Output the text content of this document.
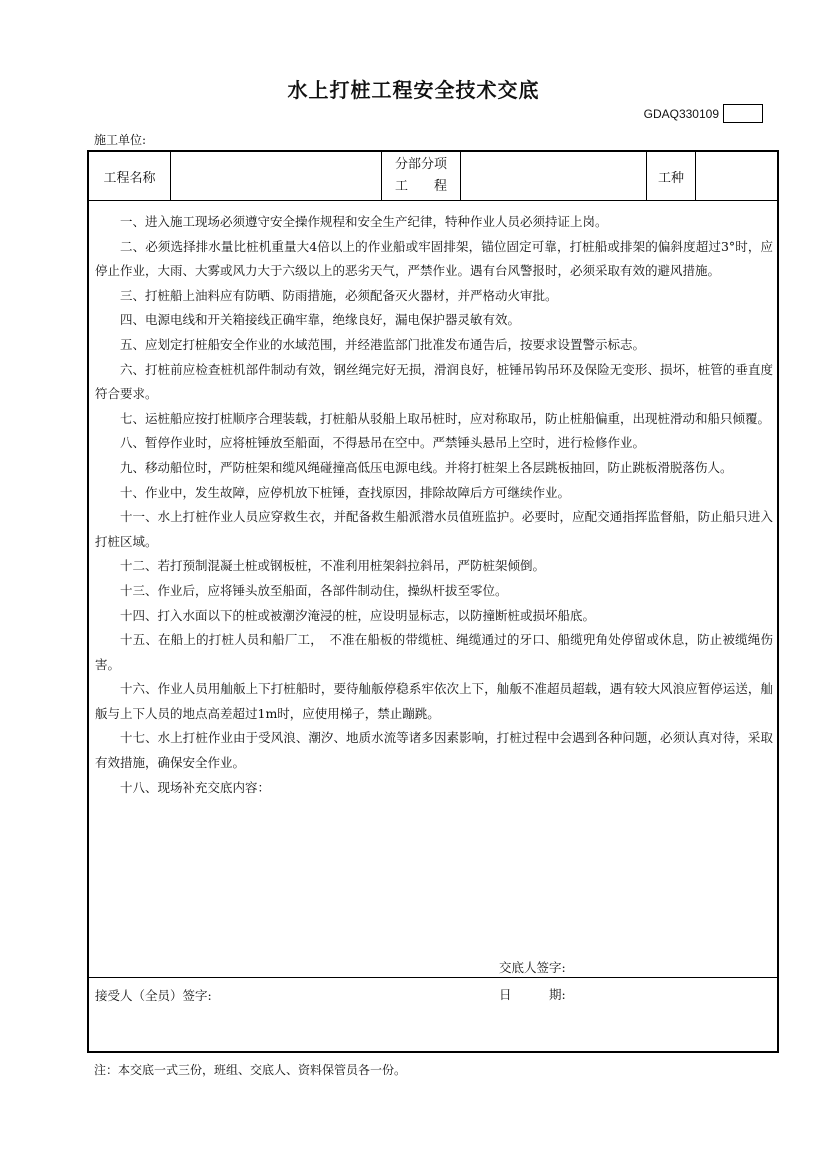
水上打桩工程安全技术交底
GDAQ330109
施工单位:
工程名称
分部分项
工　　程
工种

一、进入施工现场必须遵守安全操作规程和安全生产纪律，特种作业人员必须持证上岗。

二、必须选择排水量比桩机重量大4倍以上的作业船或牢固排架，锚位固定可靠，打桩船或排架的偏斜度超过3°时，应停止作业，大雨、大雾或风力大于六级以上的恶劣天气，严禁作业。遇有台风警报时，必须采取有效的避风措施。

三、打桩船上油料应有防晒、防雨措施，必须配备灭火器材，并严格动火审批。

四、电源电线和开关箱接线正确牢靠，绝缘良好，漏电保护器灵敏有效。

五、应划定打桩船安全作业的水域范围，并经港监部门批准发布通告后，按要求设置警示标志。

六、打桩前应检查桩机部件制动有效，钢丝绳完好无损，滑润良好，桩锤吊钩吊环及保险无变形、损坏，桩管的垂直度符合要求。

七、运桩船应按打桩顺序合理装载，打桩船从驳船上取吊桩时，应对称取吊，防止桩船偏重，出现桩滑动和船只倾覆。

八、暂停作业时，应将桩锤放至船面，不得悬吊在空中。严禁锤头悬吊上空时，进行检修作业。

九、移动船位时，严防桩架和缆风绳碰撞高低压电源电线。并将打桩架上各层跳板抽回，防止跳板滑脱落伤人。

十、作业中，发生故障，应停机放下桩锤，查找原因，排除故障后方可继续作业。

十一、水上打桩作业人员应穿救生衣，并配备救生船派潜水员值班监护。必要时，应配交通指挥监督船，防止船只进入打桩区域。

十二、若打预制混凝土桩或钢板桩，不准利用桩架斜拉斜吊，严防桩架倾倒。

十三、作业后，应将锤头放至船面，各部件制动住，操纵杆拔至零位。

十四、打入水面以下的桩或被潮汐淹浸的桩，应设明显标志，以防撞断桩或损坏船底。

十五、在船上的打桩人员和船厂工，　不准在船板的带缆桩、绳缆通过的牙口、船缆兜角处停留或休息，防止被缆绳伤害。

十六、作业人员用舢舨上下打桩船时，要待舢舨停稳系牢依次上下，舢舨不准超员超载，遇有较大风浪应暂停运送，舢舨与上下人员的地点高差超过1m时，应使用梯子，禁止蹦跳。

十七、水上打桩作业由于受风浪、潮汐、地质水流等诸多因素影响，打桩过程中会遇到各种问题，必须认真对待，采取有效措施，确保安全作业。

十八、现场补充交底内容：

交底人签字:
日　　　期:
接受人（全员）签字:
注：本交底一式三份，班组、交底人、资料保管员各一份。
